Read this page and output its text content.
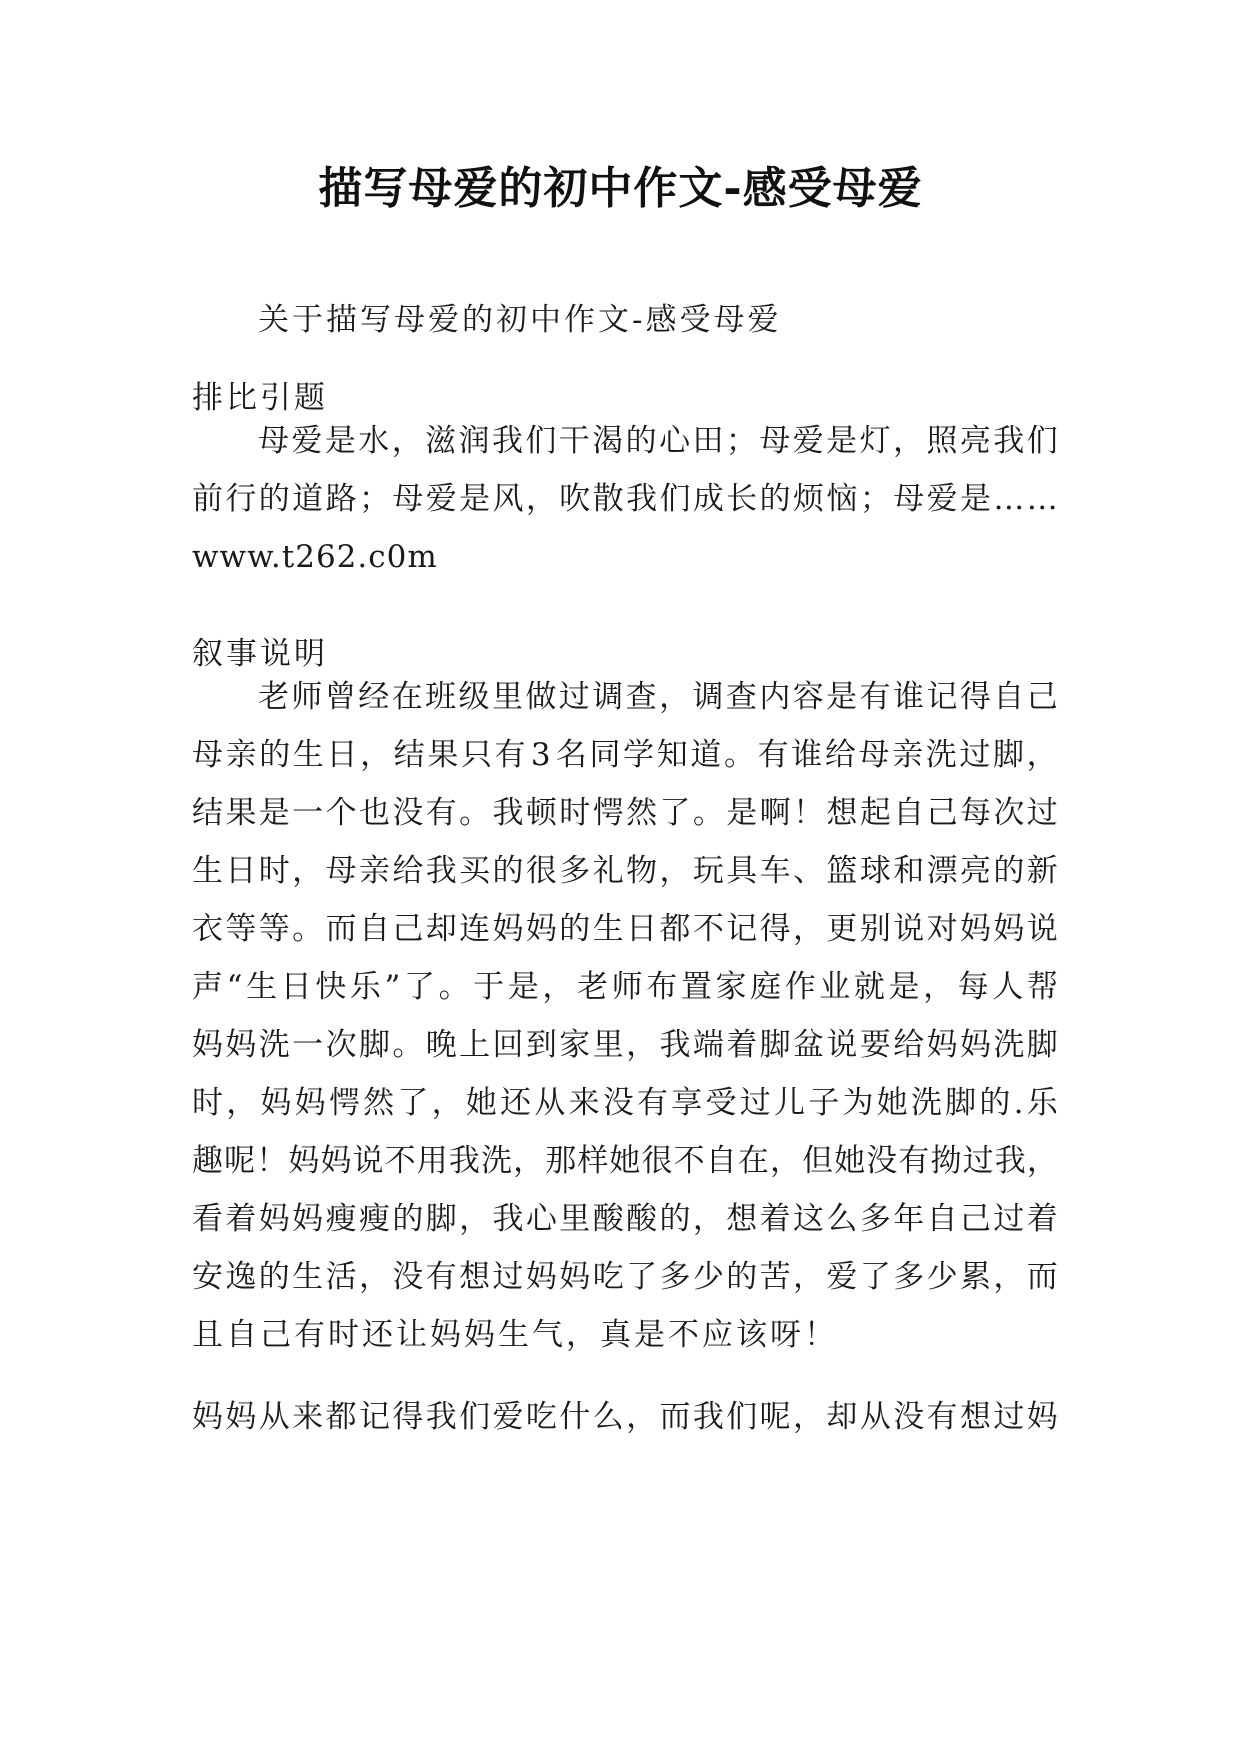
描写母爱的初中作文-感受母爱

关于描写母爱的初中作文-感受母爱

排比引题

母 爱 是 水 ， 滋 润 我 们 干 渴 的 心 田 ； 母 爱 是 灯 ， 照 亮 我 们
前 行 的 道 路 ； 母 爱 是 风 ， 吹 散 我 们 成 长 的 烦 恼 ； 母 爱 是 … …
www.t262.c0m

叙事说明

老 师 曾 经 在 班 级 里 做 过 调 查 ， 调 查 内 容 是 有 谁 记 得 自 己
母 亲 的 生 日 ， 结 果 只 有 3 名 同 学 知 道 。 有 谁 给 母 亲 洗 过 脚 ，
结 果 是 一 个 也 没 有 。 我 顿 时 愕 然 了 。 是 啊 ！ 想 起 自 己 每 次 过
生 日 时 ， 母 亲 给 我 买 的 很 多 礼 物 ， 玩 具 车 、 篮 球 和 漂 亮 的 新
衣 等 等 。 而 自 己 却 连 妈 妈 的 生 日 都 不 记 得 ， 更 别 说 对 妈 妈 说
声 “ 生 日 快 乐 ” 了 。 于 是 ， 老 师 布 置 家 庭 作 业 就 是 ， 每 人 帮
妈 妈 洗 一 次 脚 。 晚 上 回 到 家 里 ， 我 端 着 脚 盆 说 要 给 妈 妈 洗 脚
时 ， 妈 妈 愕 然 了 ， 她 还 从 来 没 有 享 受 过 儿 子 为 她 洗 脚 的 . 乐
趣 呢 ！ 妈 妈 说 不 用 我 洗 ， 那 样 她 很 不 自 在 ， 但 她 没 有 拗 过 我 ，
看 着 妈 妈 瘦 瘦 的 脚 ， 我 心 里 酸 酸 的 ， 想 着 这 么 多 年 自 己 过 着
安 逸 的 生 活 ， 没 有 想 过 妈 妈 吃 了 多 少 的 苦 ， 爱 了 多 少 累 ， 而
且自己有时还让妈妈生气，真是不应该呀！
妈 妈 从 来 都 记 得 我 们 爱 吃 什 么 ， 而 我 们 呢 ， 却 从 没 有 想 过 妈
